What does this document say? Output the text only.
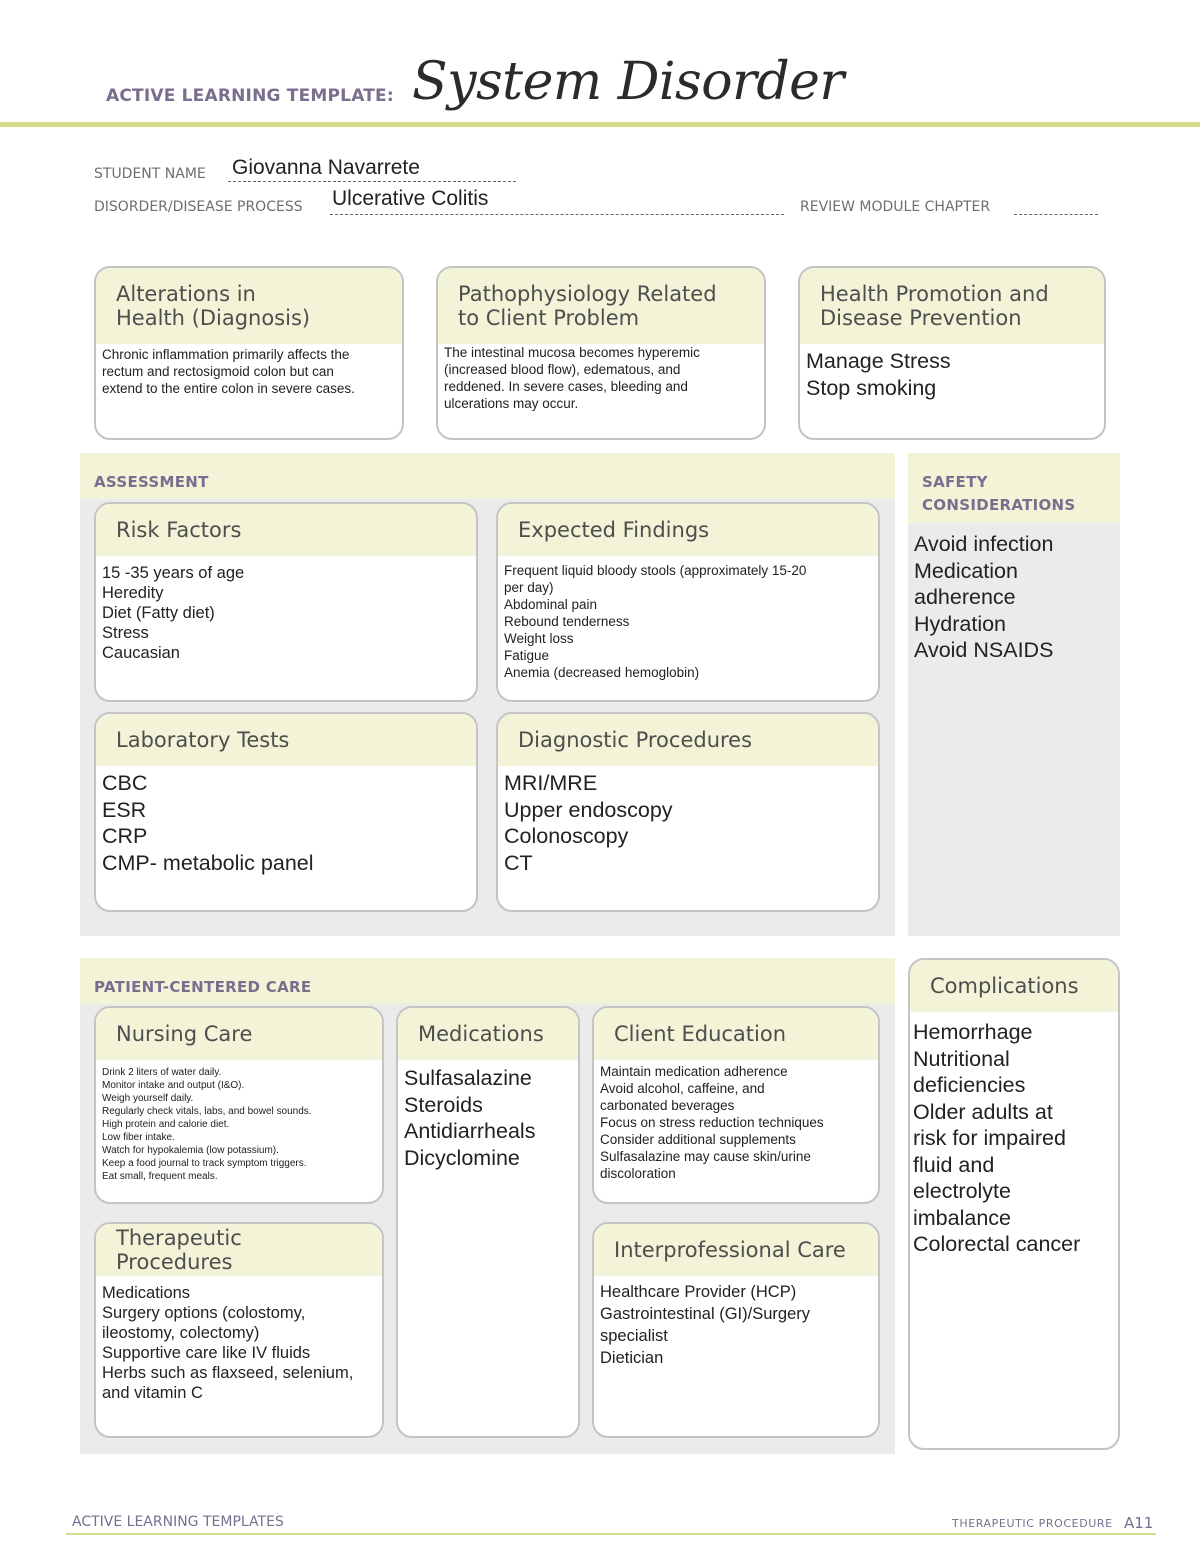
ACTIVE LEARNING TEMPLATE: System Disorder
STUDENT NAME Giovanna Navarrete
DISORDER/DISEASE PROCESS Ulcerative Colitis	REVIEW MODULE CHAPTER
Alterations in
Health (Diagnosis)
Chronic inflammation primarily affects the
rectum and rectosigmoid colon but can
extend to the entire colon in severe cases.
Pathophysiology Related
to Client Problem
The intestinal mucosa becomes hyperemic
(increased blood flow), edematous, and
reddened. In severe cases, bleeding and
ulcerations may occur.
Health Promotion and
Disease Prevention
Manage Stress
Stop smoking
ASSESSMENT
Risk Factors
15 -35 years of age
Heredity
Diet (Fatty diet)
Stress
Caucasian
Expected Findings
Frequent liquid bloody stools (approximately 15-20
per day)
Abdominal pain
Rebound tenderness
Weight loss
Fatigue
Anemia (decreased hemoglobin)
Laboratory Tests
CBC
ESR
CRP
CMP- metabolic panel
Diagnostic Procedures
MRI/MRE
Upper endoscopy
Colonoscopy
CT
SAFETY
CONSIDERATIONS
Avoid infection
Medication
adherence
Hydration
Avoid NSAIDS
PATIENT-CENTERED CARE
Nursing Care
Drink 2 liters of water daily.
Monitor intake and output (I&O).
Weigh yourself daily.
Regularly check vitals, labs, and bowel sounds.
High protein and calorie diet.
Low fiber intake.
Watch for hypokalemia (low potassium).
Keep a food journal to track symptom triggers.
Eat small, frequent meals.
Medications
Sulfasalazine
Steroids
Antidiarrheals
Dicyclomine
Client Education
Maintain medication adherence
Avoid alcohol, caffeine, and
carbonated beverages
Focus on stress reduction techniques
Consider additional supplements
Sulfasalazine may cause skin/urine
discoloration
Therapeutic Procedures
Medications
Surgery options (colostomy,
ileostomy, colectomy)
Supportive care like IV fluids
Herbs such as flaxseed, selenium,
and vitamin C
Interprofessional Care
Healthcare Provider (HCP)
Gastrointestinal (GI)/Surgery
specialist
Dietician
Complications
Hemorrhage
Nutritional
deficiencies
Older adults at
risk for impaired
fluid and
electrolyte
imbalance
Colorectal cancer
ACTIVE LEARNING TEMPLATES	THERAPEUTIC PROCEDURE A11
